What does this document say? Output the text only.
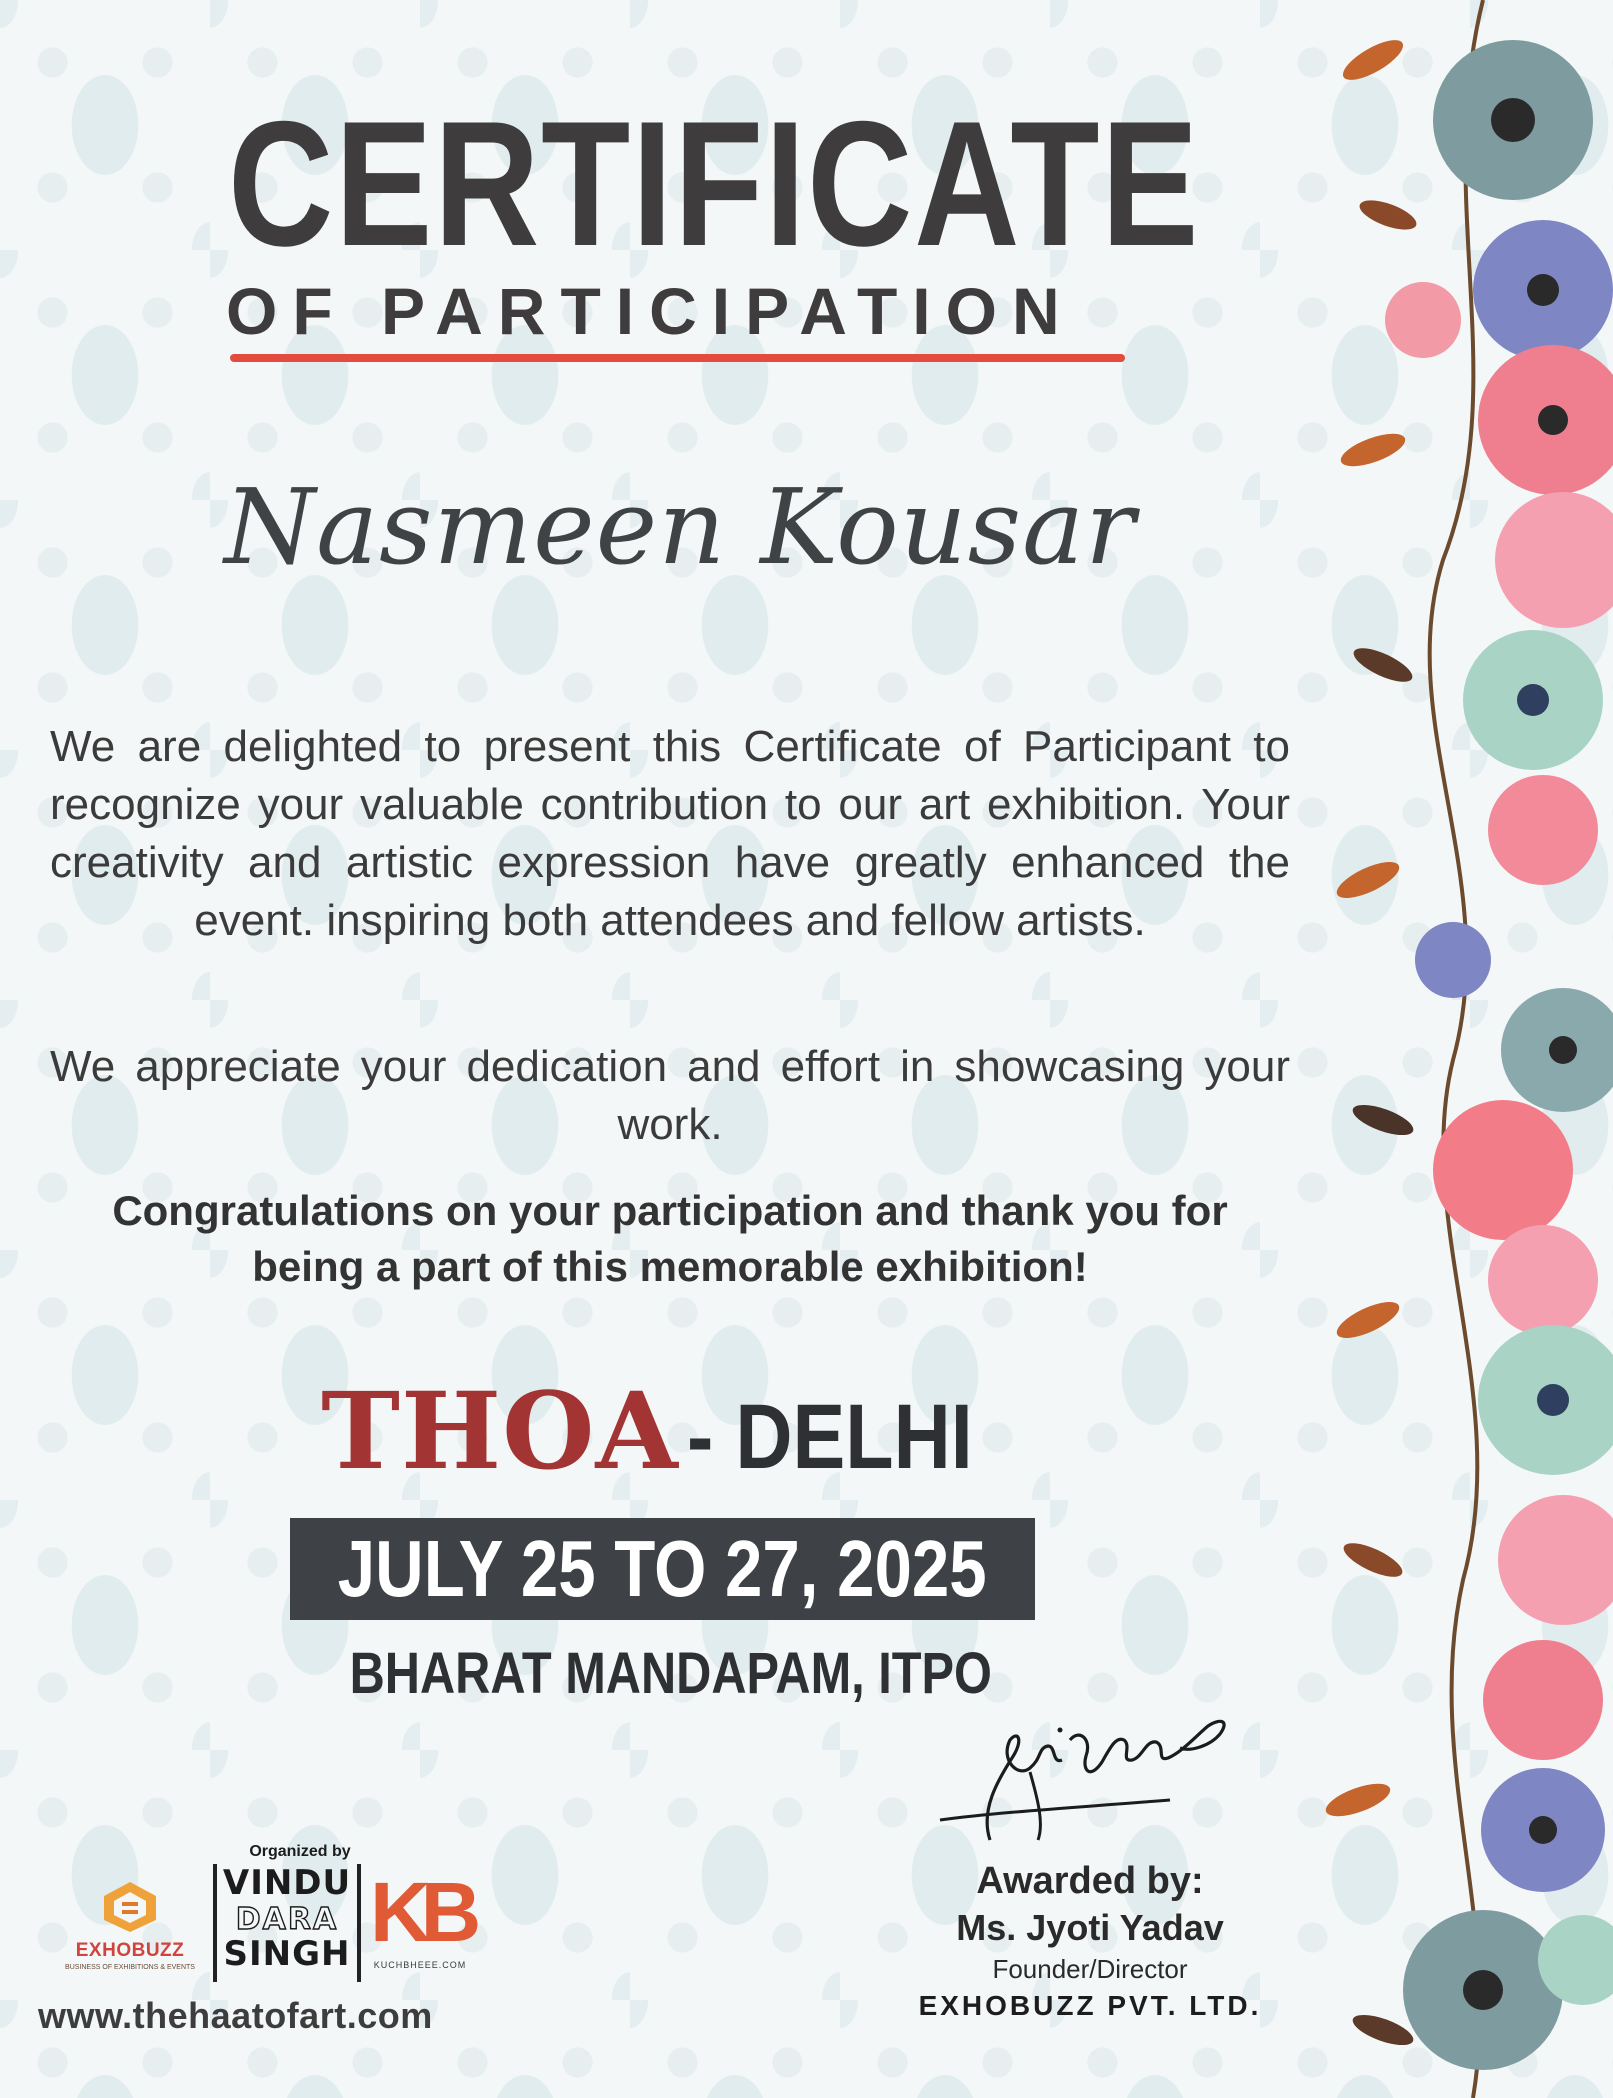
CERTIFICATE
OF PARTICIPATION
Nasmeen Kousar
We are delighted to present this Certificate of Participant to recognize your valuable contribution to our art exhibition. Your creativity and artistic expression have greatly enhanced the event. inspiring both attendees and fellow artists.
We appreciate your dedication and effort in showcasing your work.
Congratulations on your participation and thank you for being a part of this memorable exhibition!
THOA- DELHI
JULY 25 TO 27, 2025
BHARAT MANDAPAM, ITPO
Awarded by:
Ms. Jyoti Yadav
Founder/Director
EXHOBUZZ PVT. LTD.
EXHOBUZZ
BUSINESS OF EXHIBITIONS & EVENTS
Organized by
VINDU
DARA
SINGH KB
KUCHBHEEE.COM
www.thehaatofart.com
